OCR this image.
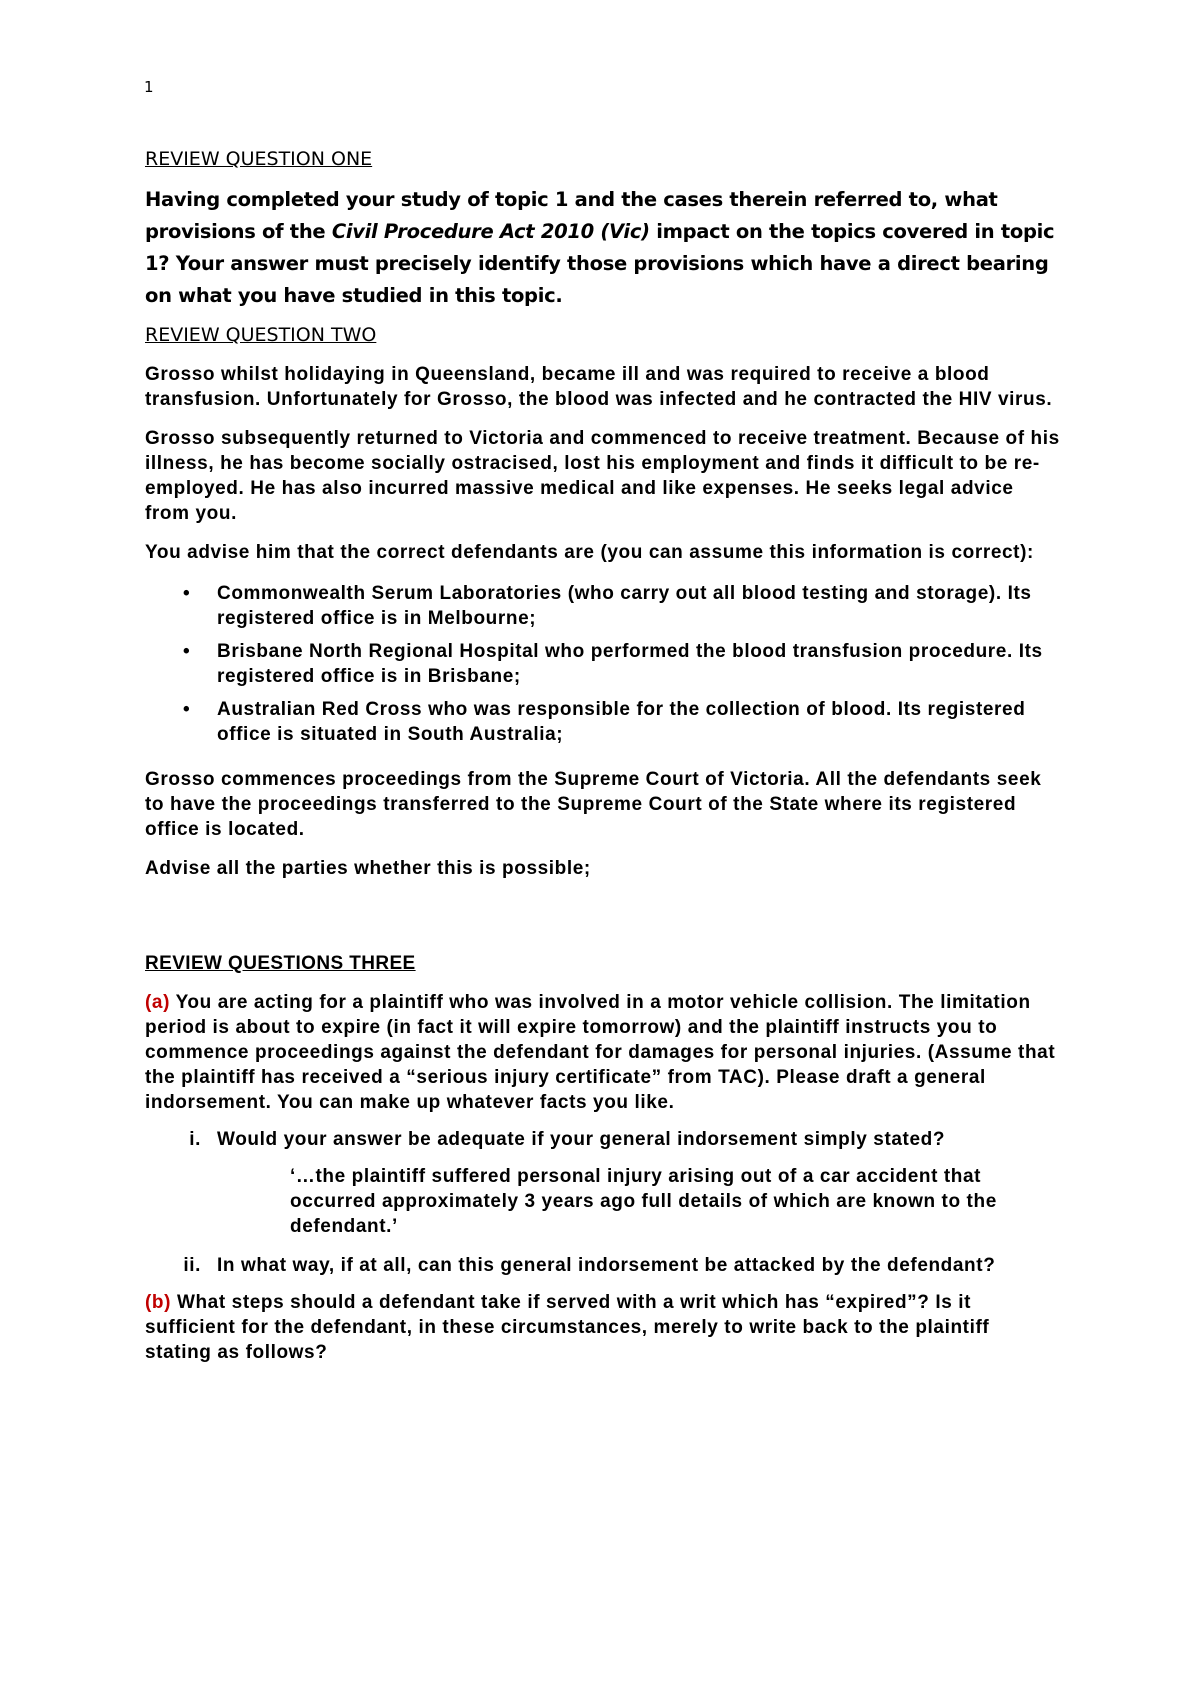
1
REVIEW QUESTION ONE

Having completed your study of topic 1 and the cases therein referred to, what provisions of the Civil Procedure Act 2010 (Vic) impact on the topics covered in topic 1? Your answer must precisely identify those provisions which have a direct bearing on what you have studied in this topic.

REVIEW QUESTION TWO

Grosso whilst holidaying in Queensland, became ill and was required to receive a blood transfusion. Unfortunately for Grosso, the blood was infected and he contracted the HIV virus.

Grosso subsequently returned to Victoria and commenced to receive treatment. Because of his illness, he has become socially ostracised, lost his employment and finds it difficult to be re-employed. He has also incurred massive medical and like expenses. He seeks legal advice from you.

You advise him that the correct defendants are (you can assume this information is correct):

• Commonwealth Serum Laboratories (who carry out all blood testing and storage). Its registered office is in Melbourne;
• Brisbane North Regional Hospital who performed the blood transfusion procedure. Its registered office is in Brisbane;
• Australian Red Cross who was responsible for the collection of blood. Its registered office is situated in South Australia;

Grosso commences proceedings from the Supreme Court of Victoria. All the defendants seek to have the proceedings transferred to the Supreme Court of the State where its registered office is located.

Advise all the parties whether this is possible;

REVIEW QUESTIONS THREE

(a) You are acting for a plaintiff who was involved in a motor vehicle collision. The limitation period is about to expire (in fact it will expire tomorrow) and the plaintiff instructs you to commence proceedings against the defendant for damages for personal injuries. (Assume that the plaintiff has received a “serious injury certificate” from TAC). Please draft a general indorsement. You can make up whatever facts you like.

i. Would your answer be adequate if your general indorsement simply stated?

‘…the plaintiff suffered personal injury arising out of a car accident that occurred approximately 3 years ago full details of which are known to the defendant.’

ii. In what way, if at all, can this general indorsement be attacked by the defendant?

(b) What steps should a defendant take if served with a writ which has “expired”? Is it sufficient for the defendant, in these circumstances, merely to write back to the plaintiff stating as follows?
